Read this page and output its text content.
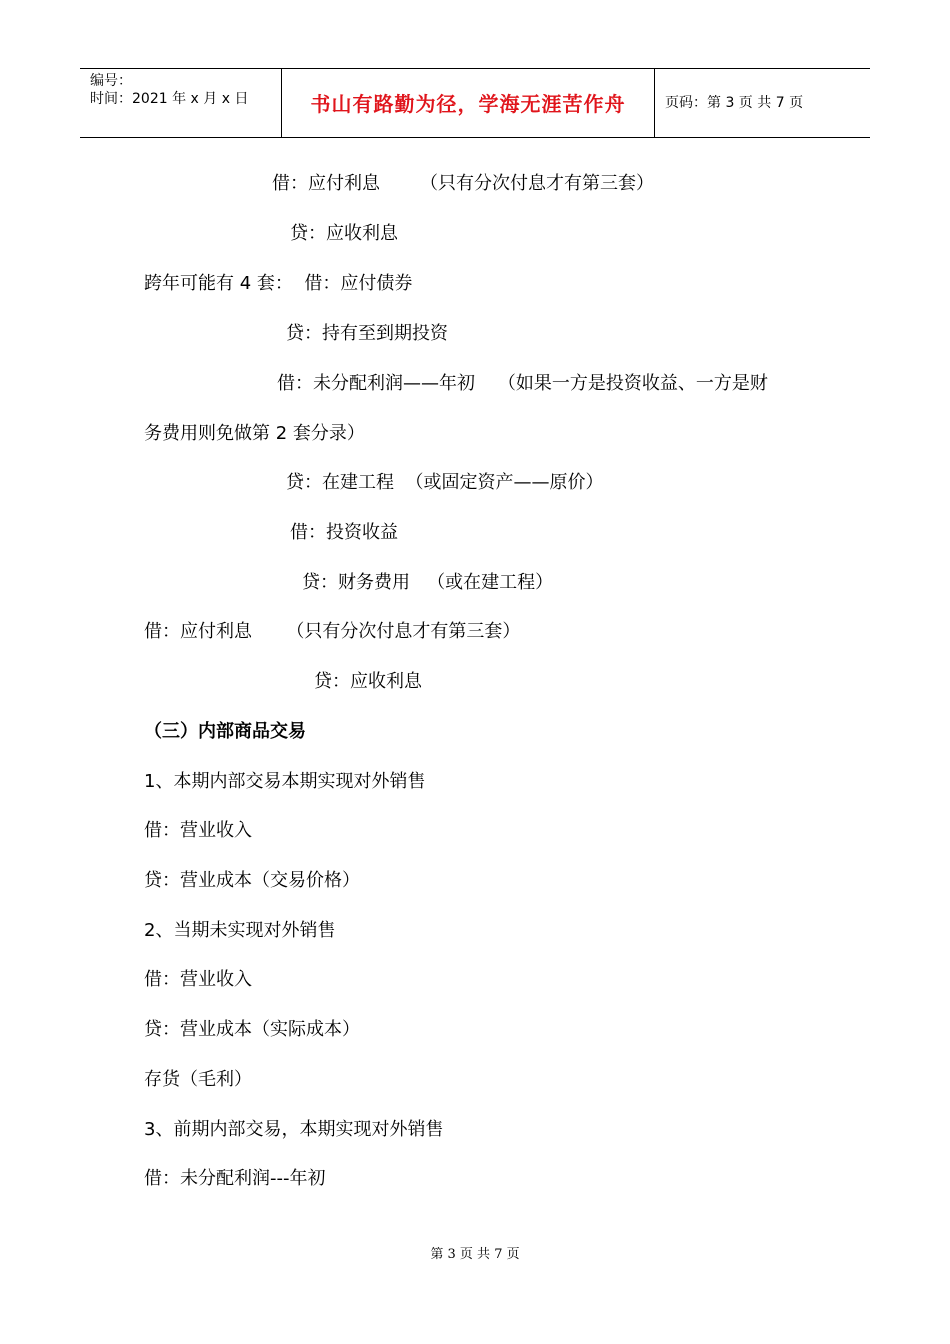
编号：
时间：2021 年 x 月 x 日	书山有路勤为径，学海无涯苦作舟	页码：第 3 页 共 7 页
借：应付利息       （只有分次付息才有第三套）
贷：应收利息
跨年可能有 4 套：  借：应付债券
贷：持有至到期投资
借：未分配利润——年初    （如果一方是投资收益、一方是财
务费用则免做第 2 套分录）
贷：在建工程  （或固定资产——原价）
借：投资收益
贷：财务费用   （或在建工程）
借：应付利息      （只有分次付息才有第三套）
贷：应收利息
（三）内部商品交易
1、本期内部交易本期实现对外销售
借：营业收入
贷：营业成本（交易价格）
2、当期未实现对外销售
借：营业收入
贷：营业成本（实际成本）
存货（毛利）
3、前期内部交易，本期实现对外销售
借：未分配利润---年初
第 3 页 共 7 页
